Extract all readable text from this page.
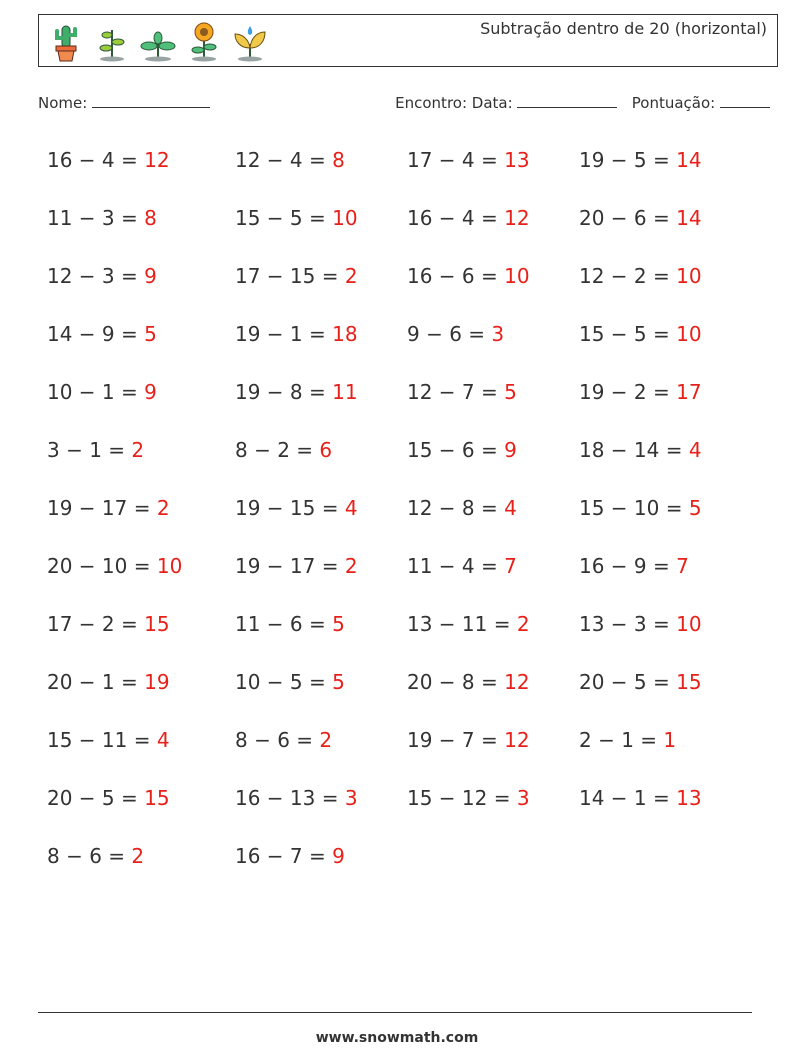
Subtração dentro de 20 (horizontal)
Nome:	Encontro: Data:	Pontuação:
16 − 4 = 12	12 − 4 = 8	17 − 4 = 13	19 − 5 = 14
11 − 3 = 8	15 − 5 = 10	16 − 4 = 12	20 − 6 = 14
12 − 3 = 9	17 − 15 = 2	16 − 6 = 10	12 − 2 = 10
14 − 9 = 5	19 − 1 = 18	9 − 6 = 3	15 − 5 = 10
10 − 1 = 9	19 − 8 = 11	12 − 7 = 5	19 − 2 = 17
3 − 1 = 2	8 − 2 = 6	15 − 6 = 9	18 − 14 = 4
19 − 17 = 2	19 − 15 = 4	12 − 8 = 4	15 − 10 = 5
20 − 10 = 10	19 − 17 = 2	11 − 4 = 7	16 − 9 = 7
17 − 2 = 15	11 − 6 = 5	13 − 11 = 2	13 − 3 = 10
20 − 1 = 19	10 − 5 = 5	20 − 8 = 12	20 − 5 = 15
15 − 11 = 4	8 − 6 = 2	19 − 7 = 12	2 − 1 = 1
20 − 5 = 15	16 − 13 = 3	15 − 12 = 3	14 − 1 = 13
8 − 6 = 2	16 − 7 = 9
www.snowmath.com
